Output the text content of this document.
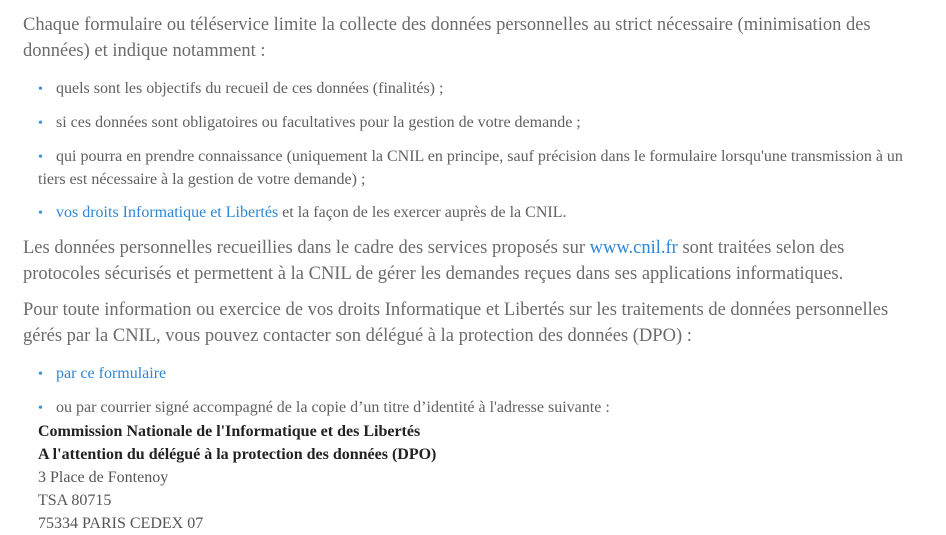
Chaque formulaire ou téléservice limite la collecte des données personnelles au strict nécessaire (minimisation des données) et indique notamment :

• quels sont les objectifs du recueil de ces données (finalités) ;
• si ces données sont obligatoires ou facultatives pour la gestion de votre demande ;
• qui pourra en prendre connaissance (uniquement la CNIL en principe, sauf précision dans le formulaire lorsqu'une transmission à un tiers est nécessaire à la gestion de votre demande) ;
• vos droits Informatique et Libertés et la façon de les exercer auprès de la CNIL.

Les données personnelles recueillies dans le cadre des services proposés sur www.cnil.fr sont traitées selon des protocoles sécurisés et permettent à la CNIL de gérer les demandes reçues dans ses applications informatiques.

Pour toute information ou exercice de vos droits Informatique et Libertés sur les traitements de données personnelles gérés par la CNIL, vous pouvez contacter son délégué à la protection des données (DPO) :

• par ce formulaire
• ou par courrier signé accompagné de la copie d’un titre d’identité à l'adresse suivante :
Commission Nationale de l'Informatique et des Libertés
A l'attention du délégué à la protection des données (DPO)
3 Place de Fontenoy
TSA 80715
75334 PARIS CEDEX 07
